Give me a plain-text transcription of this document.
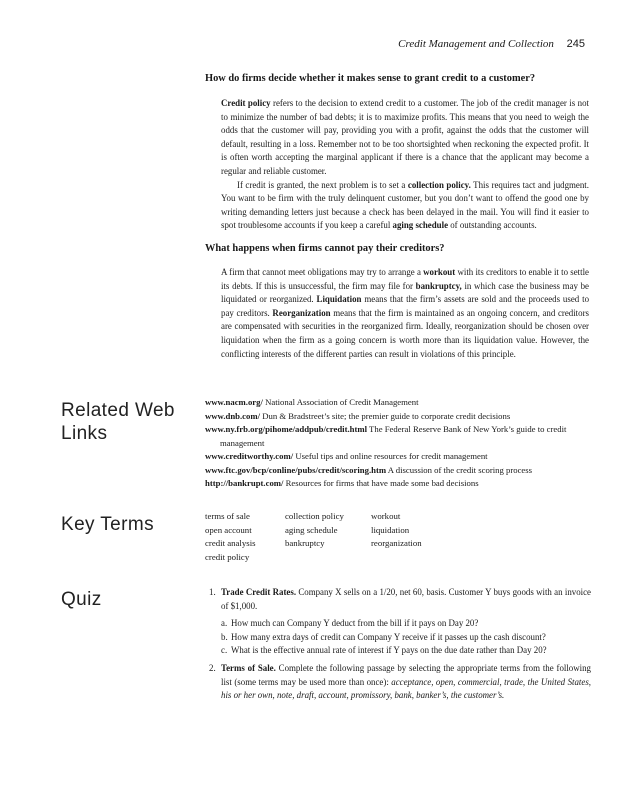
Credit Management and Collection 245
How do firms decide whether it makes sense to grant credit to a customer?

Credit policy refers to the decision to extend credit to a customer. The job of the credit manager is not to minimize the number of bad debts; it is to maximize profits. This means that you need to weigh the odds that the customer will pay, providing you with a profit, against the odds that the customer will default, resulting in a loss. Remember not to be too shortsighted when reckoning the expected profit. It is often worth accepting the marginal applicant if there is a chance that the applicant may become a regular and reliable customer.

If credit is granted, the next problem is to set a collection policy. This requires tact and judgment. You want to be firm with the truly delinquent customer, but you don’t want to offend the good one by writing demanding letters just because a check has been delayed in the mail. You will find it easier to spot troublesome accounts if you keep a careful aging schedule of outstanding accounts.

What happens when firms cannot pay their creditors?

A firm that cannot meet obligations may try to arrange a workout with its creditors to enable it to settle its debts. If this is unsuccessful, the firm may file for bankruptcy, in which case the business may be liquidated or reorganized. Liquidation means that the firm’s assets are sold and the proceeds used to pay creditors. Reorganization means that the firm is maintained as an ongoing concern, and creditors are compensated with securities in the reorganized firm. Ideally, reorganization should be chosen over liquidation when the firm as a going concern is worth more than its liquidation value. However, the conflicting interests of the different parties can result in violations of this principle.

Related Web Links
www.nacm.org/ National Association of Credit Management
www.dnb.com/ Dun & Bradstreet’s site; the premier guide to corporate credit decisions
www.ny.frb.org/pihome/addpub/credit.html The Federal Reserve Bank of New York’s guide to credit management
www.creditworthy.com/ Useful tips and online resources for credit management
www.ftc.gov/bcp/conline/pubs/credit/scoring.htm A discussion of the credit scoring process
http://bankrupt.com/ Resources for firms that have made some bad decisions
Key Terms	terms of sale
open account
credit analysis
credit policy
collection policy
aging schedule
bankruptcy
workout
liquidation
reorganization
Quiz	1. Trade Credit Rates. Company X sells on a 1/20, net 60, basis. Customer Y buys goods with an invoice of $1,000.
a. How much can Company Y deduct from the bill if it pays on Day 20?
b. How many extra days of credit can Company Y receive if it passes up the cash discount?
c. What is the effective annual rate of interest if Y pays on the due date rather than Day 20?
2. Terms of Sale. Complete the following passage by selecting the appropriate terms from the following list (some terms may be used more than once): acceptance, open, commercial, trade, the United States, his or her own, note, draft, account, promissory, bank, banker’s, the customer’s.
